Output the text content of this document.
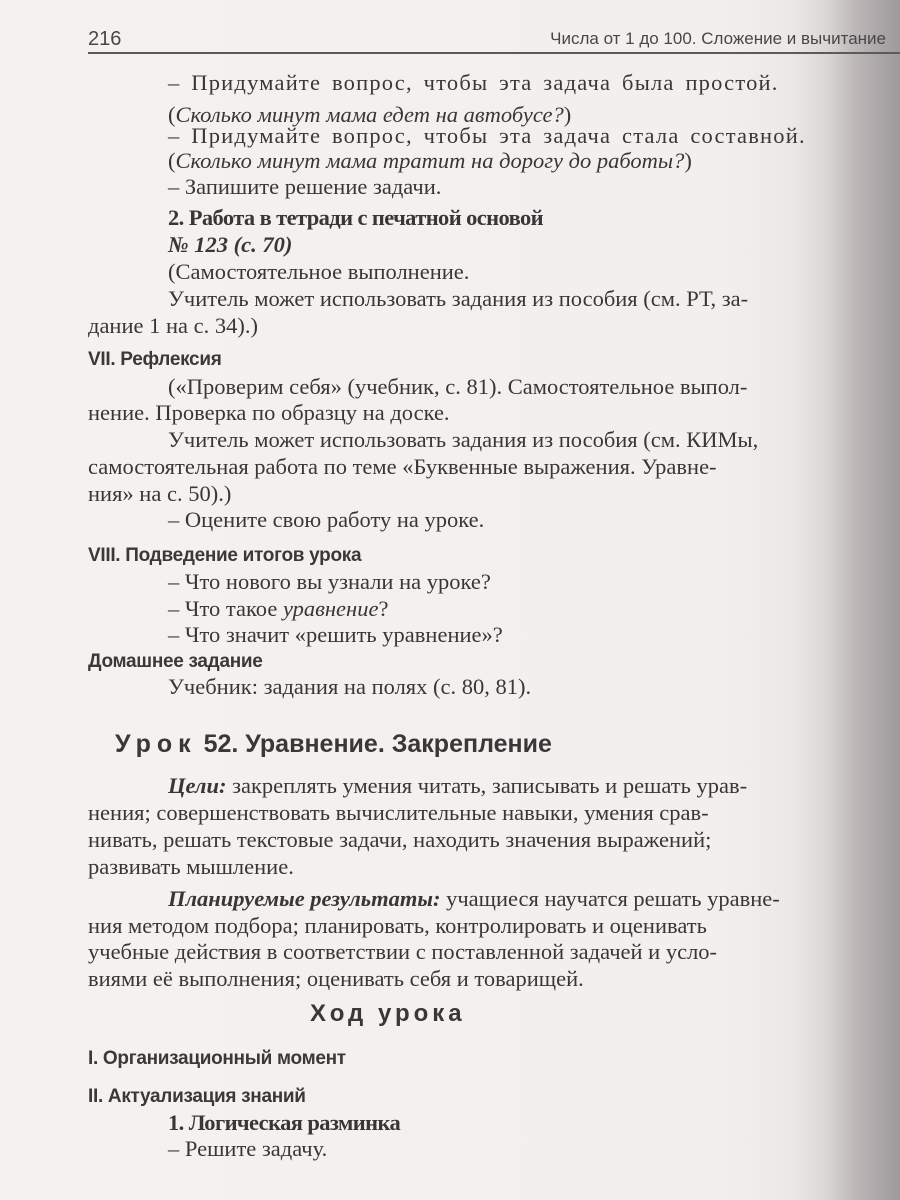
216	Числа от 1 до 100. Сложение и вычитание
– Придумайте вопрос, чтобы эта задача была простой.
(Сколько минут мама едет на автобусе?)
– Придумайте вопрос, чтобы эта задача стала составной.
(Сколько минут мама тратит на дорогу до работы?)
– Запишите решение задачи.
2. Работа в тетради с печатной основой
№ 123 (с. 70)
(Самостоятельное выполнение.
Учитель может использовать задания из пособия (см. РТ, за-
дание 1 на с. 34).)
VII. Рефлексия
(«Проверим себя» (учебник, с. 81). Самостоятельное выпол-
нение. Проверка по образцу на доске.
Учитель может использовать задания из пособия (см. КИМы,
самостоятельная работа по теме «Буквенные выражения. Уравне-
ния» на с. 50).)
– Оцените свою работу на уроке.
VIII. Подведение итогов урока
– Что нового вы узнали на уроке?
– Что такое уравнение?
– Что значит «решить уравнение»?
Домашнее задание
Учебник: задания на полях (с. 80, 81).
Цели: закреплять умения читать, записывать и решать урав-
нения; совершенствовать вычислительные навыки, умения срав-
нивать, решать текстовые задачи, находить значения выражений;
развивать мышление.
Планируемые результаты: учащиеся научатся решать уравне-
ния методом подбора; планировать, контролировать и оценивать
учебные действия в соответствии с поставленной задачей и усло-
виями её выполнения; оценивать себя и товарищей.
I. Организационный момент
II. Актуализация знаний
1. Логическая разминка
– Решите задачу.
Урок 52. Уравнение. Закрепление
Ход урока
